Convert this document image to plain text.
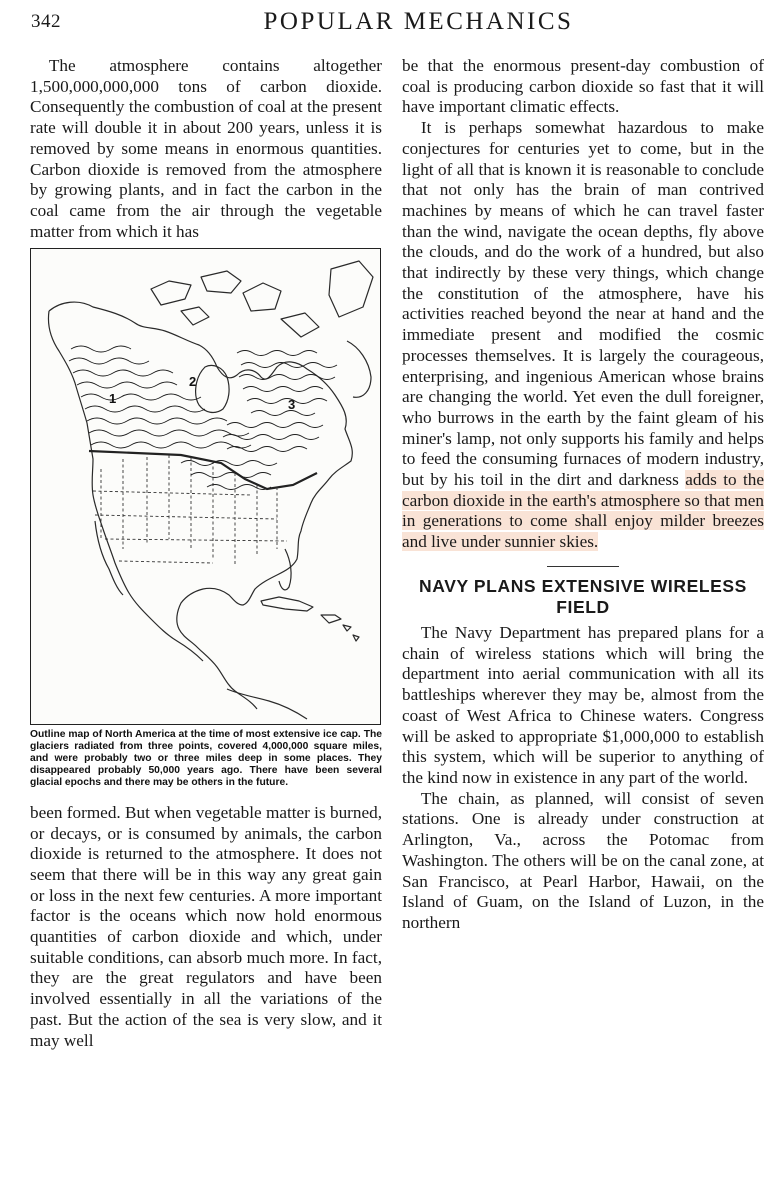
342	POPULAR MECHANICS

The atmosphere contains altogether 1,500,000,000,000 tons of carbon dioxide. Consequently the combustion of coal at the present rate will double it in about 200 years, unless it is removed by some means in enormous quantities. Carbon dioxide is removed from the atmosphere by growing plants, and in fact the carbon in the coal came from the air through the vegetable matter from which it has

1
2
3
Outline map of North America at the time of most extensive ice cap. The glaciers radiated from three points, covered 4,000,000 square miles, and were probably two or three miles deep in some places. They disappeared probably 50,000 years ago. There have been several glacial epochs and there may be others in the future.

been formed. But when vegetable matter is burned, or decays, or is consumed by animals, the carbon dioxide is returned to the atmosphere. It does not seem that there will be in this way any great gain or loss in the next few centuries. A more important factor is the oceans which now hold enormous quantities of carbon dioxide and which, under suitable conditions, can absorb much more. In fact, they are the great regulators and have been involved essentially in all the variations of the past. But the action of the sea is very slow, and it may well

be that the enormous present-day combustion of coal is producing carbon dioxide so fast that it will have important climatic effects.

It is perhaps somewhat hazardous to make conjectures for centuries yet to come, but in the light of all that is known it is reasonable to conclude that not only has the brain of man contrived machines by means of which he can travel faster than the wind, navigate the ocean depths, fly above the clouds, and do the work of a hundred, but also that indirectly by these very things, which change the constitution of the atmosphere, have his activities reached beyond the near at hand and the immediate present and modified the cosmic processes themselves. It is largely the courageous, enterprising, and ingenious American whose brains are changing the world. Yet even the dull foreigner, who burrows in the earth by the faint gleam of his miner's lamp, not only supports his family and helps to feed the consuming furnaces of modern industry, but by his toil in the dirt and darkness adds to the carbon dioxide in the earth's atmosphere so that men in generations to come shall enjoy milder breezes and live under sunnier skies.

NAVY PLANS EXTENSIVE WIRELESS FIELD

The Navy Department has prepared plans for a chain of wireless stations which will bring the department into aerial communication with all its battleships wherever they may be, almost from the coast of West Africa to Chinese waters. Congress will be asked to appropriate $1,000,000 to establish this system, which will be superior to anything of the kind now in existence in any part of the world.

The chain, as planned, will consist of seven stations. One is already under construction at Arlington, Va., across the Potomac from Washington. The others will be on the canal zone, at San Francisco, at Pearl Harbor, Hawaii, on the Island of Guam, on the Island of Luzon, in the northern
